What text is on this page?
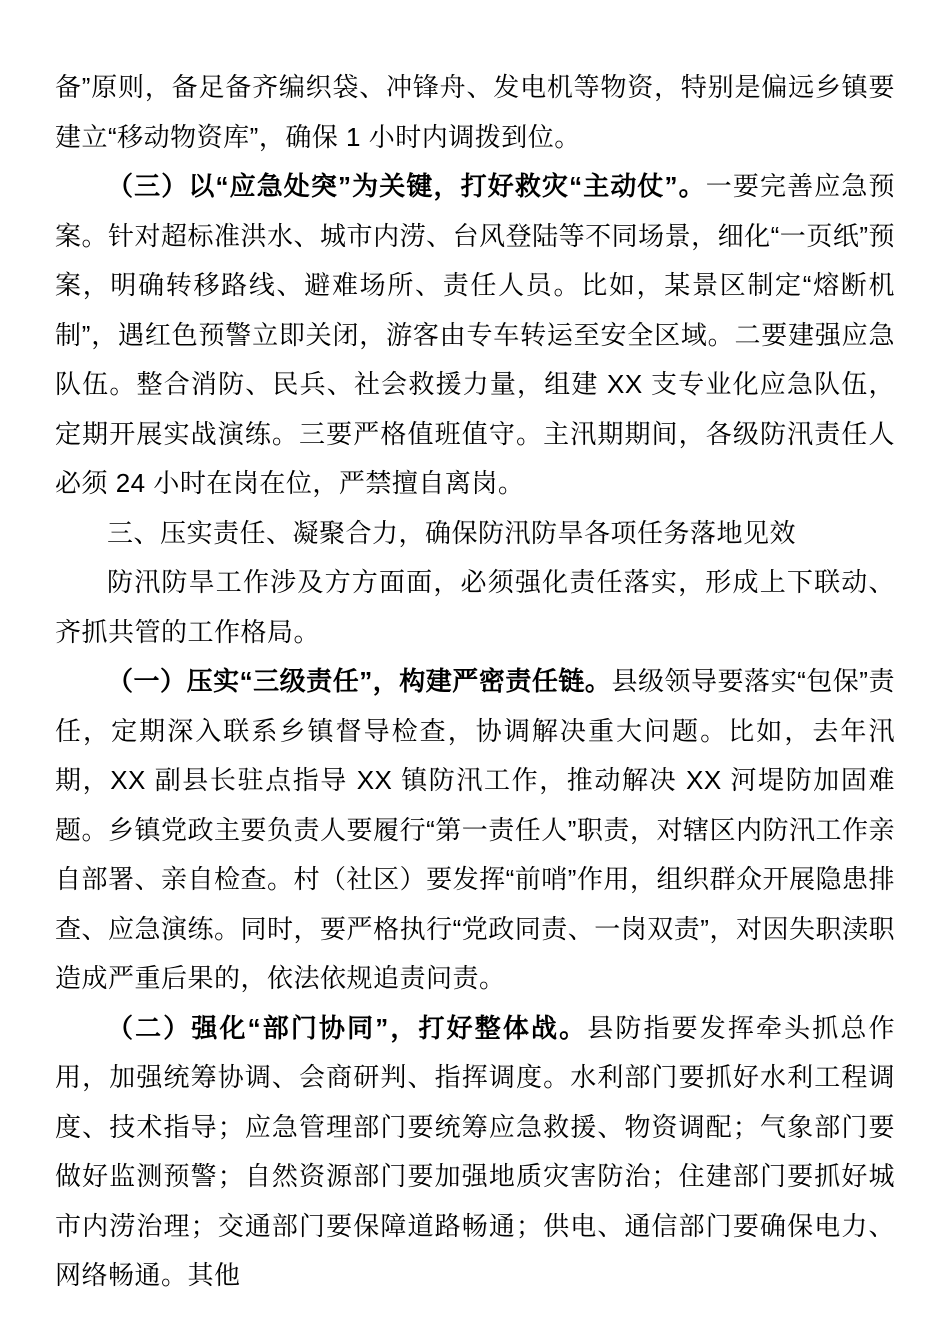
备”原则，备足备齐编织袋、冲锋舟、发电机等物资，特别是偏远乡镇要建立“移动物资库”，确保 1 小时内调拨到位。

（三）以“应急处突”为关键，打好救灾“主动仗”。一要完善应急预案。针对超标准洪水、城市内涝、台风登陆等不同场景，细化“一页纸”预案，明确转移路线、避难场所、责任人员。比如，某景区制定“熔断机制”，遇红色预警立即关闭，游客由专车转运至安全区域。二要建强应急队伍。整合消防、民兵、社会救援力量，组建 XX 支专业化应急队伍，定期开展实战演练。三要严格值班值守。主汛期期间，各级防汛责任人必须 24 小时在岗在位，严禁擅自离岗。

三、压实责任、凝聚合力，确保防汛防旱各项任务落地见效

防汛防旱工作涉及方方面面，必须强化责任落实，形成上下联动、齐抓共管的工作格局。

（一）压实“三级责任”，构建严密责任链。县级领导要落实“包保”责任，定期深入联系乡镇督导检查，协调解决重大问题。比如，去年汛期，XX 副县长驻点指导 XX 镇防汛工作，推动解决 XX 河堤防加固难题。乡镇党政主要负责人要履行“第一责任人”职责，对辖区内防汛工作亲自部署、亲自检查。村（社区）要发挥“前哨”作用，组织群众开展隐患排查、应急演练。同时，要严格执行“党政同责、一岗双责”，对因失职渎职造成严重后果的，依法依规追责问责。

（二）强化“部门协同”，打好整体战。县防指要发挥牵头抓总作用，加强统筹协调、会商研判、指挥调度。水利部门要抓好水利工程调度、技术指导；应急管理部门要统筹应急救援、物资调配；气象部门要做好监测预警；自然资源部门要加强地质灾害防治；住建部门要抓好城市内涝治理；交通部门要保障道路畅通；供电、通信部门要确保电力、网络畅通。其他
